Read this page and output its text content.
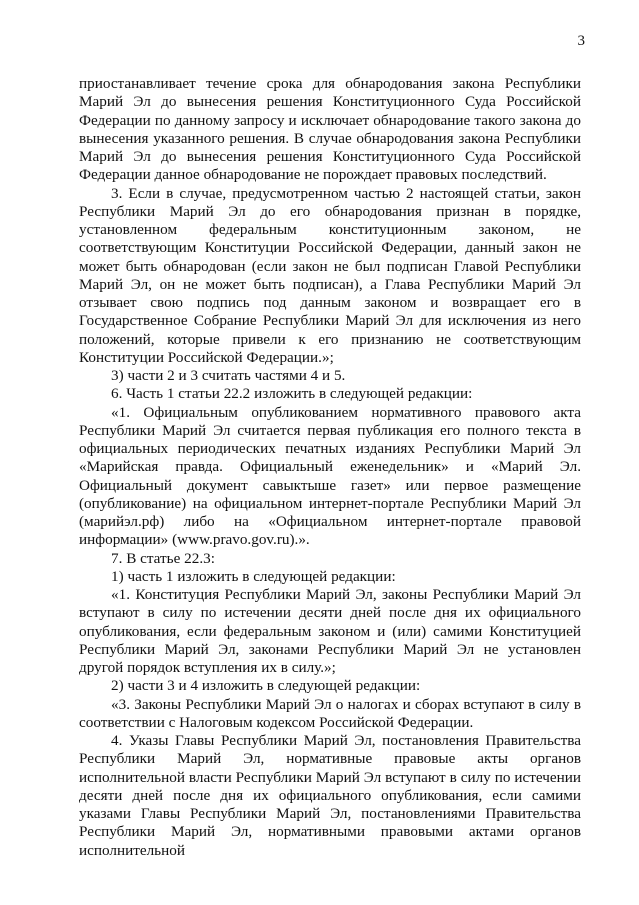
3

приостанавливает течение срока для обнародования закона Республики Марий Эл до вынесения решения Конституционного Суда Российской Федерации по данному запросу и исключает обнародование такого закона до вынесения указанного решения. В случае обнародования закона Республики Марий Эл до вынесения решения Конституционного Суда Российской Федерации данное обнародование не порождает правовых последствий.

3. Если в случае, предусмотренном частью 2 настоящей статьи, закон Республики Марий Эл до его обнародования признан в порядке, установленном федеральным конституционным законом, не соответствующим Конституции Российской Федерации, данный закон не может быть обнародован (если закон не был подписан Главой Республики Марий Эл, он не может быть подписан), а Глава Республики Марий Эл отзывает свою подпись под данным законом и возвращает его в Государственное Собрание Республики Марий Эл для исключения из него положений, которые привели к его признанию не соответствующим Конституции Российской Федерации.»;

3) части 2 и 3 считать частями 4 и 5.

6. Часть 1 статьи 22.2 изложить в следующей редакции:

«1. Официальным опубликованием нормативного правового акта Республики Марий Эл считается первая публикация его полного текста в официальных периодических печатных изданиях Республики Марий Эл «Марийская правда. Официальный еженедельник» и «Марий Эл. Официальный документ савыктыше газет» или первое размещение (опубликование) на официальном интернет-портале Республики Марий Эл (марийэл.рф) либо на «Официальном интернет-портале правовой информации» (www.pravo.gov.ru).».

7. В статье 22.3:

1) часть 1 изложить в следующей редакции:

«1. Конституция Республики Марий Эл, законы Республики Марий Эл вступают в силу по истечении десяти дней после дня их официального опубликования, если федеральным законом и (или) самими Конституцией Республики Марий Эл, законами Республики Марий Эл не установлен другой порядок вступления их в силу.»;

2) части 3 и 4 изложить в следующей редакции:

«3. Законы Республики Марий Эл о налогах и сборах вступают в силу в соответствии с Налоговым кодексом Российской Федерации.

4. Указы Главы Республики Марий Эл, постановления Правительства Республики Марий Эл, нормативные правовые акты органов исполнительной власти Республики Марий Эл вступают в силу по истечении десяти дней после дня их официального опубликования, если самими указами Главы Республики Марий Эл, постановлениями Правительства Республики Марий Эл, нормативными правовыми актами органов исполнительной
